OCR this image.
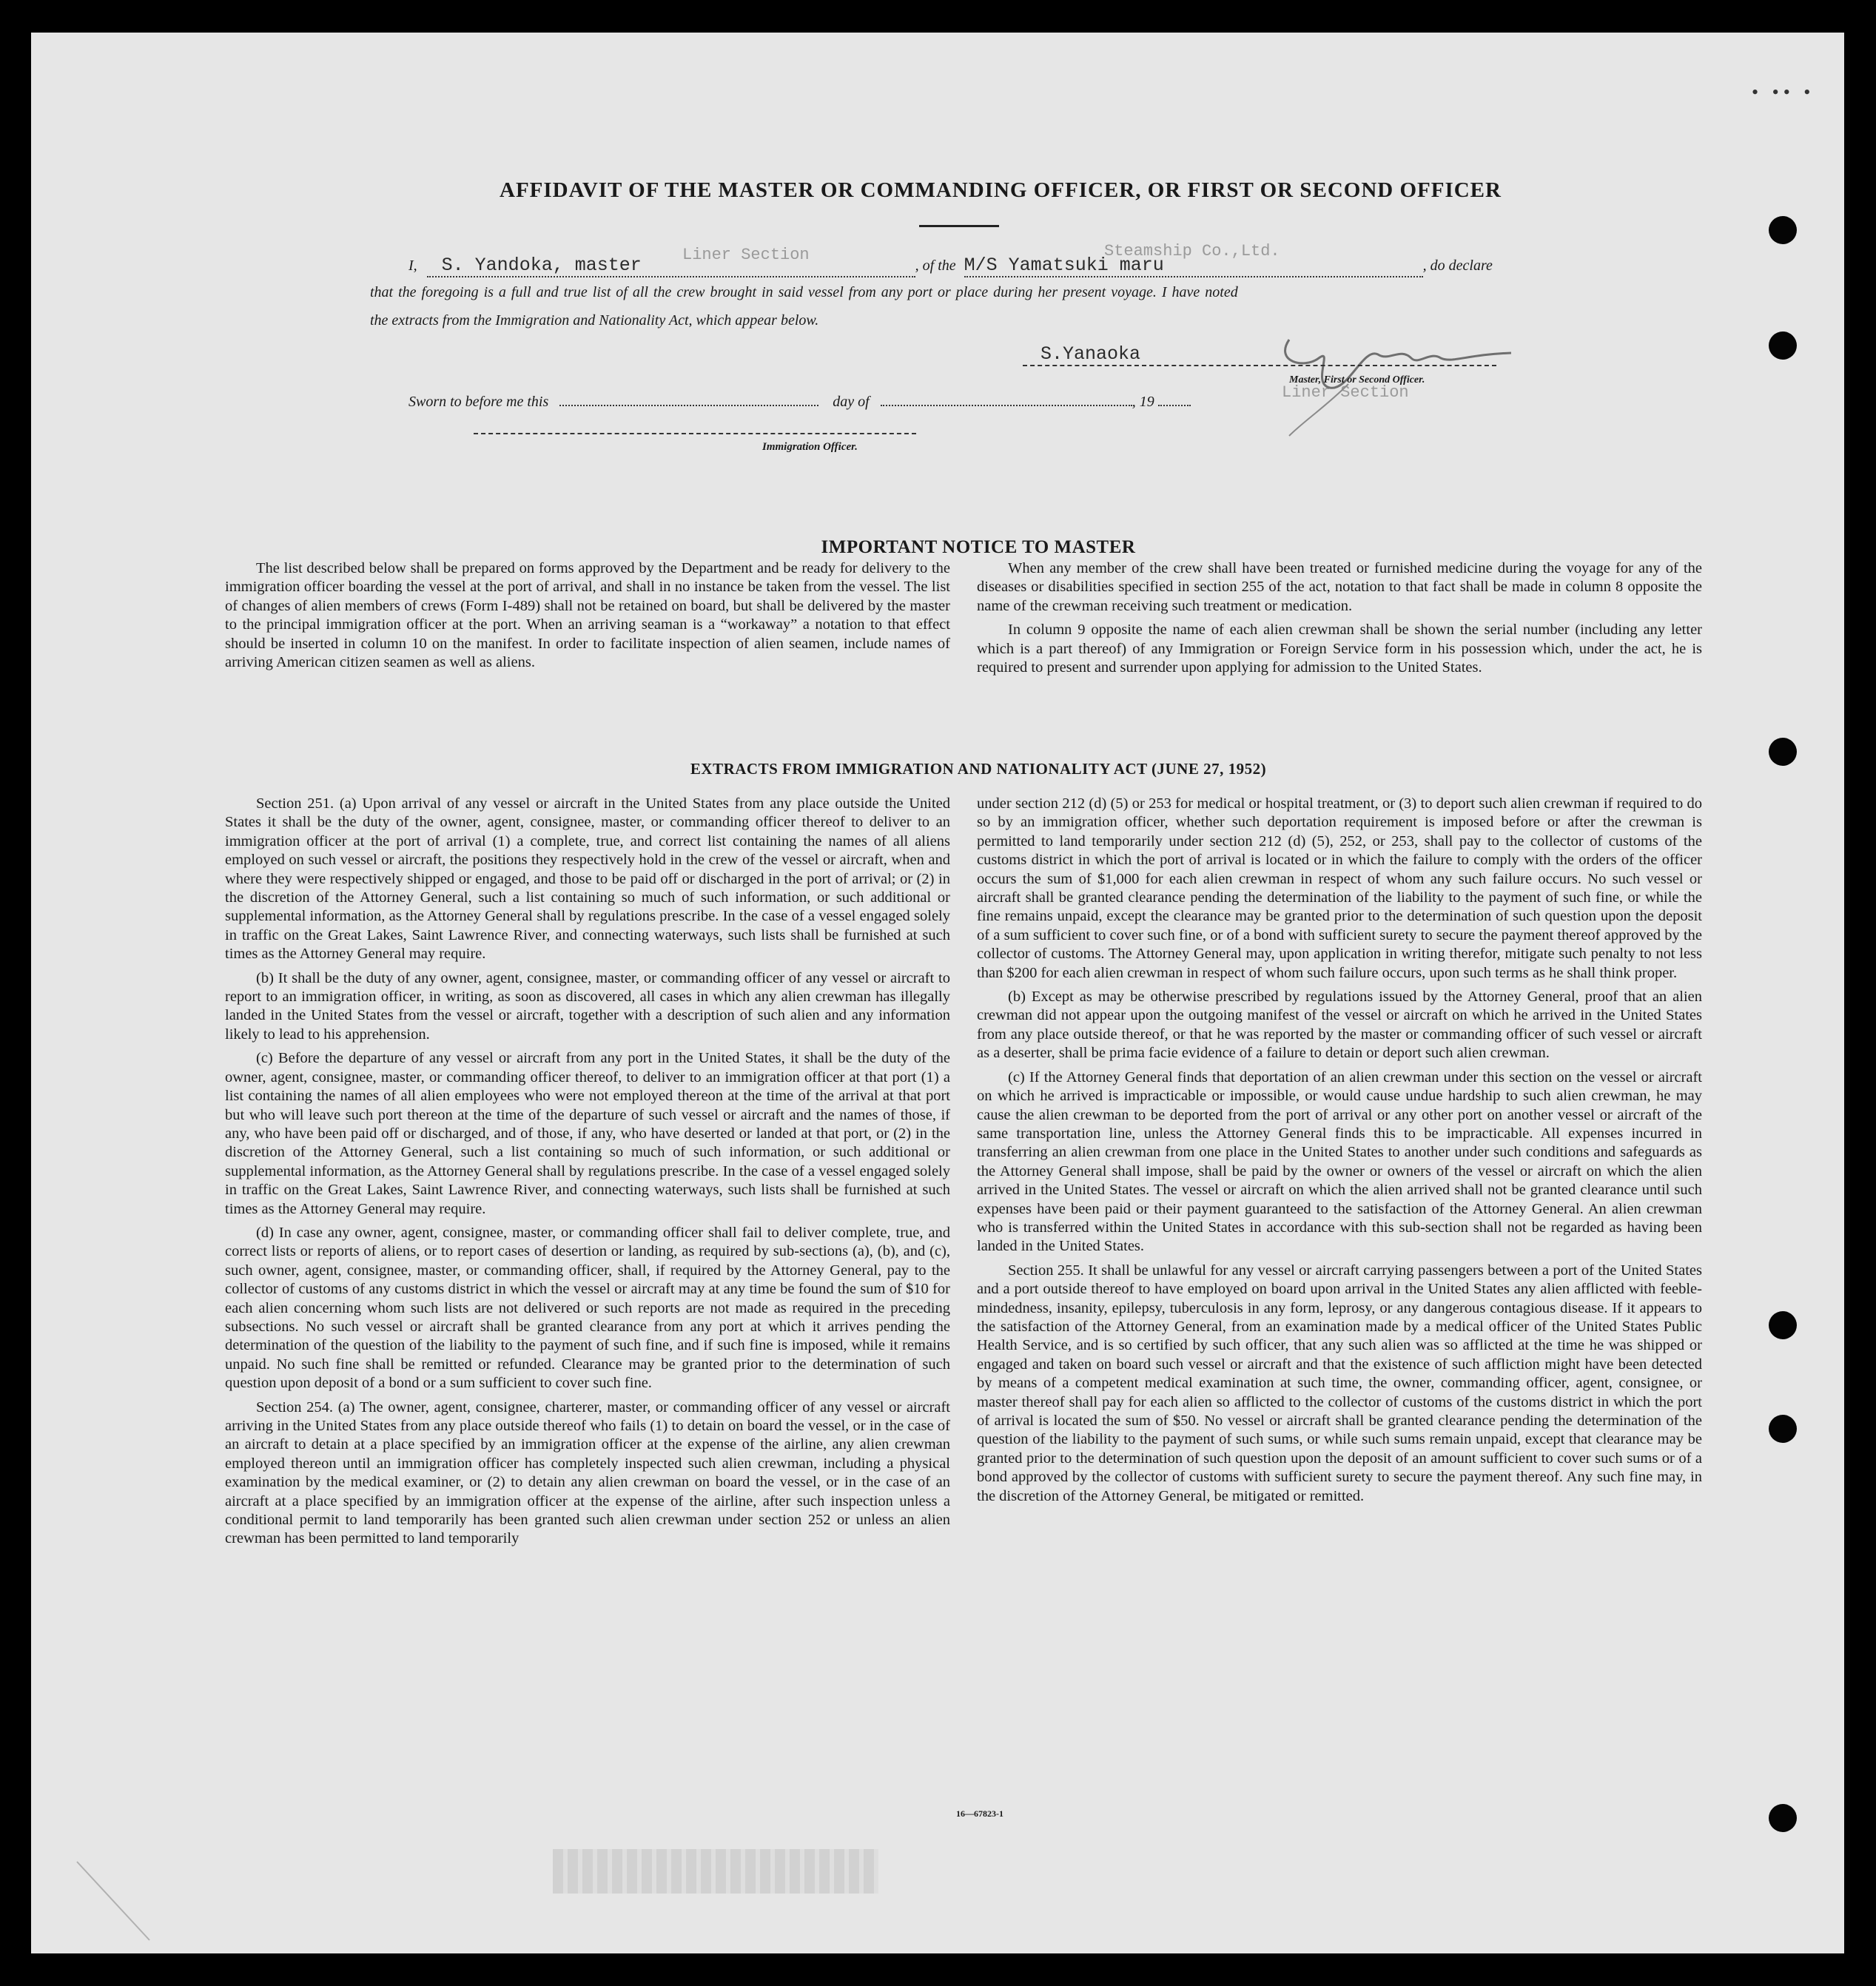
• •• •
AFFIDAVIT OF THE MASTER OR COMMANDING OFFICER, OR FIRST OR SECOND OFFICER
Liner Section	Steamship Co.,Ltd.
Liner Section
I, S. Yandoka, master	, of the M/S Yamatsuki maru	, do declare
that the foregoing is a full and true list of all the crew brought in said vessel from any port or place during her present voyage. I have noted
the extracts from the Immigration and Nationality Act, which appear below.
S.Yanaoka
Master, First or Second Officer.
Sworn to before me this	day of	, 19
Immigration Officer.
IMPORTANT NOTICE TO MASTER

The list described below shall be prepared on forms approved by the Department and be ready for delivery to the immigration officer boarding the vessel at the port of arrival, and shall in no instance be taken from the vessel. The list of changes of alien members of crews (Form I-489) shall not be retained on board, but shall be delivered by the master to the principal immigration officer at the port. When an arriving seaman is a “workaway” a notation to that effect should be inserted in column 10 on the manifest. In order to facilitate inspection of alien seamen, include names of arriving American citizen seamen as well as aliens.

When any member of the crew shall have been treated or furnished medicine during the voyage for any of the diseases or disabilities specified in section 255 of the act, notation to that fact shall be made in column 8 opposite the name of the crewman receiving such treatment or medication.

In column 9 opposite the name of each alien crewman shall be shown the serial number (including any letter which is a part thereof) of any Immigration or Foreign Service form in his possession which, under the act, he is required to present and surrender upon applying for admission to the United States.

EXTRACTS FROM IMMIGRATION AND NATIONALITY ACT (JUNE 27, 1952)

Section 251. (a) Upon arrival of any vessel or aircraft in the United States from any place outside the United States it shall be the duty of the owner, agent, consignee, master, or commanding officer thereof to deliver to an immigration officer at the port of arrival (1) a complete, true, and correct list containing the names of all aliens employed on such vessel or aircraft, the positions they respectively hold in the crew of the vessel or aircraft, when and where they were respectively shipped or engaged, and those to be paid off or discharged in the port of arrival; or (2) in the discretion of the Attorney General, such a list containing so much of such information, or such additional or supplemental information, as the Attorney General shall by regulations prescribe. In the case of a vessel engaged solely in traffic on the Great Lakes, Saint Lawrence River, and connecting waterways, such lists shall be furnished at such times as the Attorney General may require.

(b) It shall be the duty of any owner, agent, consignee, master, or commanding officer of any vessel or aircraft to report to an immigration officer, in writing, as soon as discovered, all cases in which any alien crewman has illegally landed in the United States from the vessel or aircraft, together with a description of such alien and any information likely to lead to his apprehension.

(c) Before the departure of any vessel or aircraft from any port in the United States, it shall be the duty of the owner, agent, consignee, master, or commanding officer thereof, to deliver to an immigration officer at that port (1) a list containing the names of all alien employees who were not employed thereon at the time of the arrival at that port but who will leave such port thereon at the time of the departure of such vessel or aircraft and the names of those, if any, who have been paid off or discharged, and of those, if any, who have deserted or landed at that port, or (2) in the discretion of the Attorney General, such a list containing so much of such information, or such additional or supplemental information, as the Attorney General shall by regulations prescribe. In the case of a vessel engaged solely in traffic on the Great Lakes, Saint Lawrence River, and connecting waterways, such lists shall be furnished at such times as the Attorney General may require.

(d) In case any owner, agent, consignee, master, or commanding officer shall fail to deliver complete, true, and correct lists or reports of aliens, or to report cases of desertion or landing, as required by sub-sections (a), (b), and (c), such owner, agent, consignee, master, or commanding officer, shall, if required by the Attorney General, pay to the collector of customs of any customs district in which the vessel or aircraft may at any time be found the sum of $10 for each alien concerning whom such lists are not delivered or such reports are not made as required in the preceding subsections. No such vessel or aircraft shall be granted clearance from any port at which it arrives pending the determination of the question of the liability to the payment of such fine, and if such fine is imposed, while it remains unpaid. No such fine shall be remitted or refunded. Clearance may be granted prior to the determination of such question upon deposit of a bond or a sum sufficient to cover such fine.

Section 254. (a) The owner, agent, consignee, charterer, master, or commanding officer of any vessel or aircraft arriving in the United States from any place outside thereof who fails (1) to detain on board the vessel, or in the case of an aircraft to detain at a place specified by an immigration officer at the expense of the airline, any alien crewman employed thereon until an immigration officer has completely inspected such alien crewman, including a physical examination by the medical examiner, or (2) to detain any alien crewman on board the vessel, or in the case of an aircraft at a place specified by an immigration officer at the expense of the airline, after such inspection unless a conditional permit to land temporarily has been granted such alien crewman under section 252 or unless an alien crewman has been permitted to land temporarily

under section 212 (d) (5) or 253 for medical or hospital treatment, or (3) to deport such alien crewman if required to do so by an immigration officer, whether such deportation requirement is imposed before or after the crewman is permitted to land temporarily under section 212 (d) (5), 252, or 253, shall pay to the collector of customs of the customs district in which the port of arrival is located or in which the failure to comply with the orders of the officer occurs the sum of $1,000 for each alien crewman in respect of whom any such failure occurs. No such vessel or aircraft shall be granted clearance pending the determination of the liability to the payment of such fine, or while the fine remains unpaid, except the clearance may be granted prior to the determination of such question upon the deposit of a sum sufficient to cover such fine, or of a bond with sufficient surety to secure the payment thereof approved by the collector of customs. The Attorney General may, upon application in writing therefor, mitigate such penalty to not less than $200 for each alien crewman in respect of whom such failure occurs, upon such terms as he shall think proper.

(b) Except as may be otherwise prescribed by regulations issued by the Attorney General, proof that an alien crewman did not appear upon the outgoing manifest of the vessel or aircraft on which he arrived in the United States from any place outside thereof, or that he was reported by the master or commanding officer of such vessel or aircraft as a deserter, shall be prima facie evidence of a failure to detain or deport such alien crewman.

(c) If the Attorney General finds that deportation of an alien crewman under this section on the vessel or aircraft on which he arrived is impracticable or impossible, or would cause undue hardship to such alien crewman, he may cause the alien crewman to be deported from the port of arrival or any other port on another vessel or aircraft of the same transportation line, unless the Attorney General finds this to be impracticable. All expenses incurred in transferring an alien crewman from one place in the United States to another under such conditions and safeguards as the Attorney General shall impose, shall be paid by the owner or owners of the vessel or aircraft on which the alien arrived in the United States. The vessel or aircraft on which the alien arrived shall not be granted clearance until such expenses have been paid or their payment guaranteed to the satisfaction of the Attorney General. An alien crewman who is transferred within the United States in accordance with this sub-section shall not be regarded as having been landed in the United States.

Section 255. It shall be unlawful for any vessel or aircraft carrying passengers between a port of the United States and a port outside thereof to have employed on board upon arrival in the United States any alien afflicted with feeble-mindedness, insanity, epilepsy, tuberculosis in any form, leprosy, or any dangerous contagious disease. If it appears to the satisfaction of the Attorney General, from an examination made by a medical officer of the United States Public Health Service, and is so certified by such officer, that any such alien was so afflicted at the time he was shipped or engaged and taken on board such vessel or aircraft and that the existence of such affliction might have been detected by means of a competent medical examination at such time, the owner, commanding officer, agent, consignee, or master thereof shall pay for each alien so afflicted to the collector of customs of the customs district in which the port of arrival is located the sum of $50. No vessel or aircraft shall be granted clearance pending the determination of the question of the liability to the payment of such sums, or while such sums remain unpaid, except that clearance may be granted prior to the determination of such question upon the deposit of an amount sufficient to cover such sums or of a bond approved by the collector of customs with sufficient surety to secure the payment thereof. Any such fine may, in the discretion of the Attorney General, be mitigated or remitted.

16—67823-1
